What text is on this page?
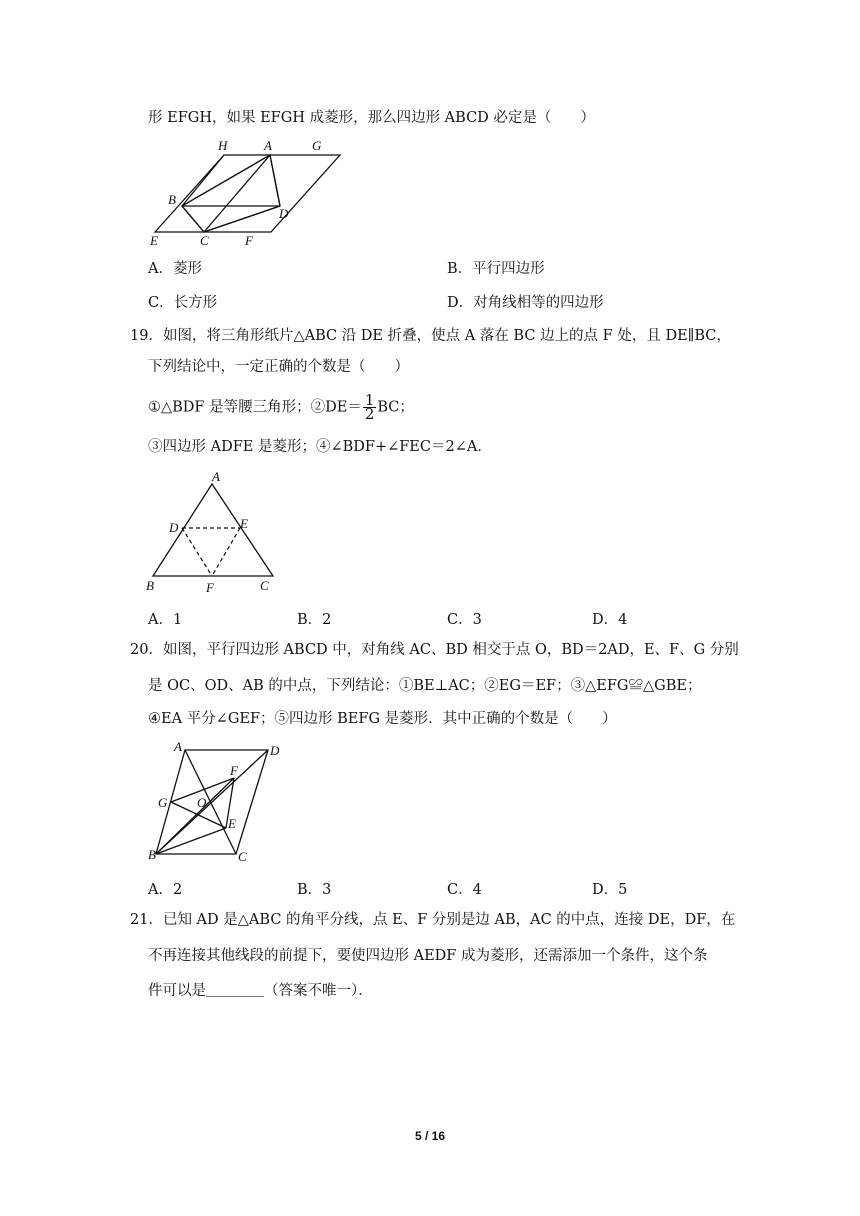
形 EFGH，如果 EFGH 成菱形，那么四边形 ABCD 必定是（　　）
H	A	G
B
D
E	C	F
A．菱形	B．平行四边形
C．长方形	D．对角线相等的四边形
19．如图，将三角形纸片△ABC 沿 DE 折叠，使点 A 落在 BC 边上的点 F 处，且 DE∥BC，
下列结论中，一定正确的个数是（　　）
①△BDF 是等腰三角形；②DE＝ $\frac{1}{2}$ BC；
③四边形 ADFE 是菱形；④∠BDF+∠FEC＝2∠A．
A
D	E
B	F	C
A．1	B．2	C．3	D．4
20．如图，平行四边形 ABCD 中，对角线 AC、BD 相交于点 O，BD＝2AD，E、F、G 分别
是 OC、OD、AB 的中点，下列结论：①BE⊥AC；②EG＝EF；③△EFG≌△GBE；
④EA 平分∠GEF；⑤四边形 BEFG 是菱形．其中正确的个数是（　　）
A	D
F
G O
E
B	C
A．2	B．3	C．4	D．5
21．已知 AD 是△ABC 的角平分线，点 E、F 分别是边 AB，AC 的中点，连接 DE，DF，在
不再连接其他线段的前提下，要使四边形 AEDF 成为菱形，还需添加一个条件，这个条
件可以是＿＿＿＿（答案不唯一）．
5 / 16
